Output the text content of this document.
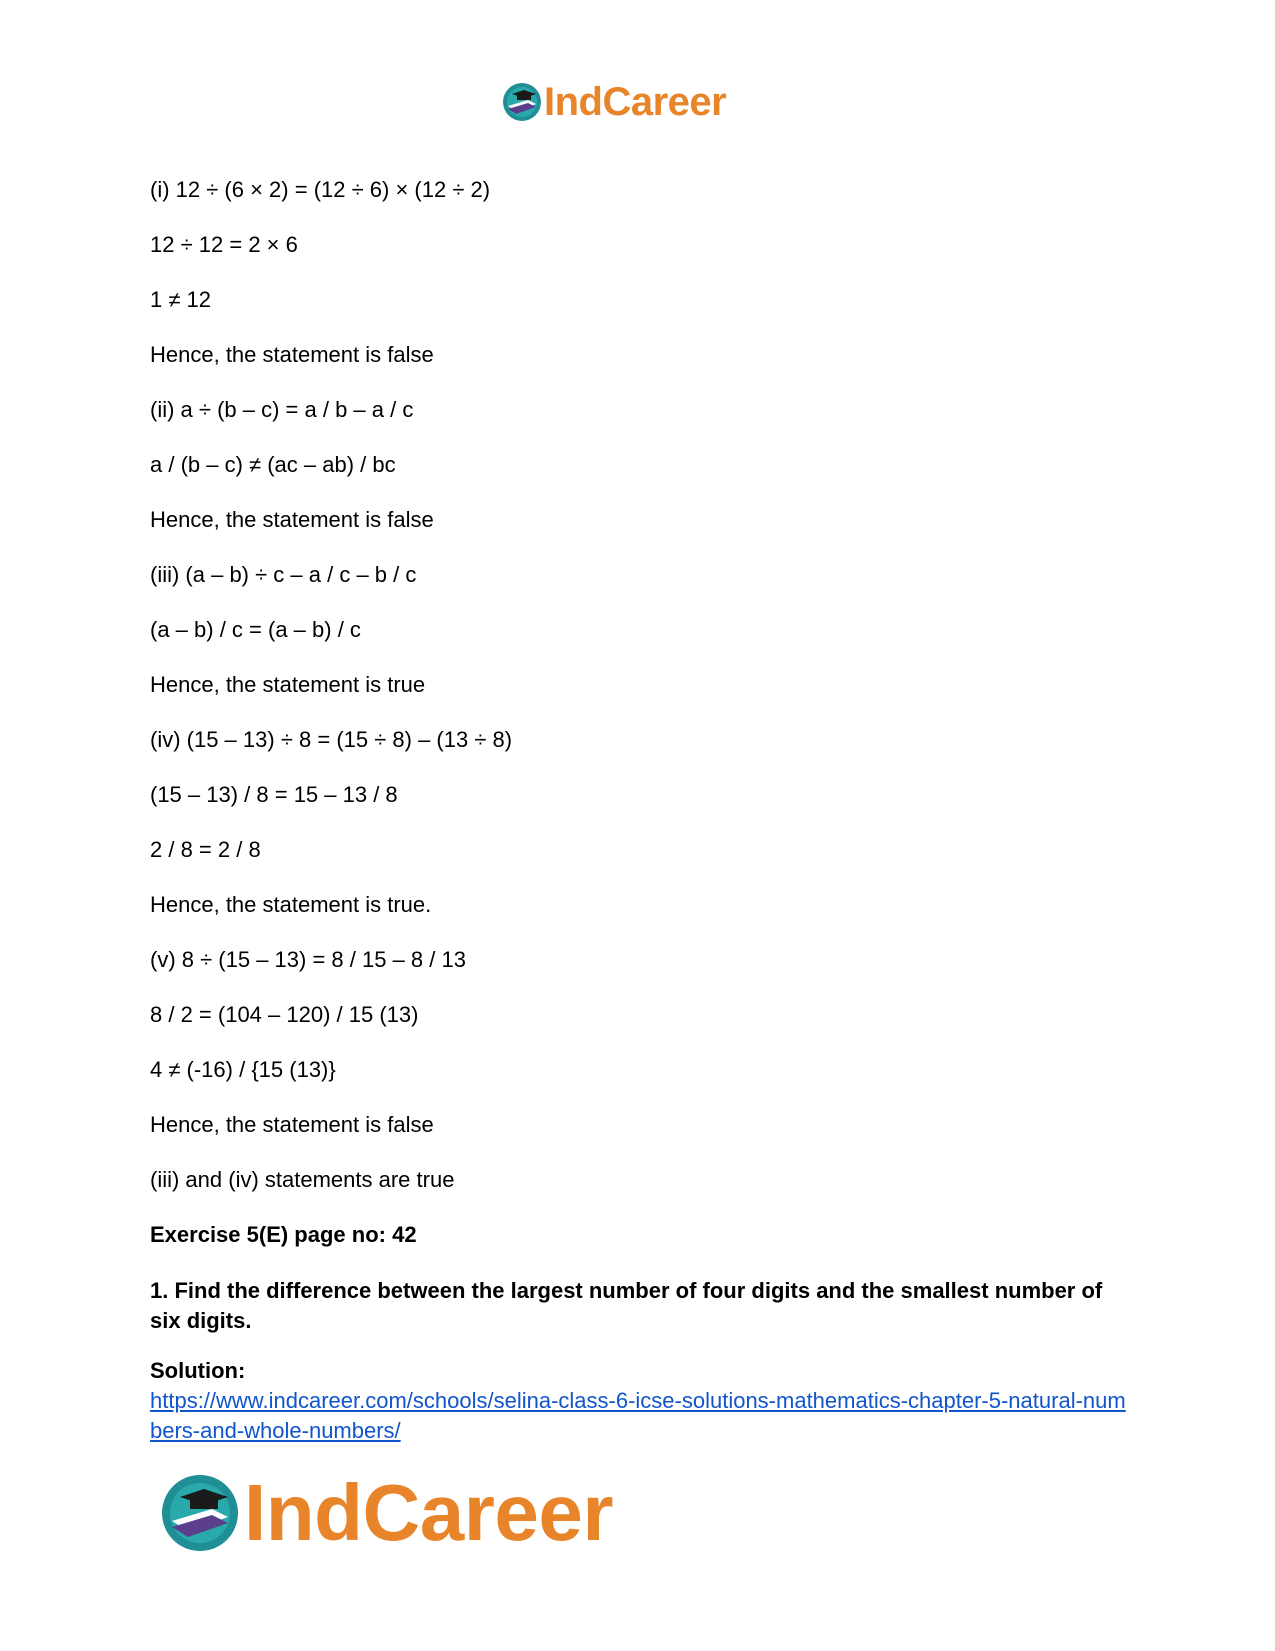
IndCareer
(i) 12 ÷ (6 × 2) = (12 ÷ 6) × (12 ÷ 2)
12 ÷ 12 = 2 × 6
1 ≠ 12
Hence, the statement is false
(ii) a ÷ (b – c) = a / b – a / c
a / (b – c) ≠ (ac – ab) / bc
Hence, the statement is false
(iii) (a – b) ÷ c – a / c – b / c
(a – b) / c = (a – b) / c
Hence, the statement is true
(iv) (15 – 13) ÷ 8 = (15 ÷ 8) – (13 ÷ 8)
(15 – 13) / 8 = 15 – 13 / 8
2 / 8 = 2 / 8
Hence, the statement is true.
(v) 8 ÷ (15 – 13) = 8 / 15 – 8 / 13
8 / 2 = (104 – 120) / 15 (13)
4 ≠ (-16) / {15 (13)}
Hence, the statement is false
(iii) and (iv) statements are true
Exercise 5(E) page no: 42
1. Find the difference between the largest number of four digits and the smallest number of six digits.
Solution:
https://www.indcareer.com/schools/selina-class-6-icse-solutions-mathematics-chapter-5-natural-numbers-and-whole-numbers/
IndCareer
